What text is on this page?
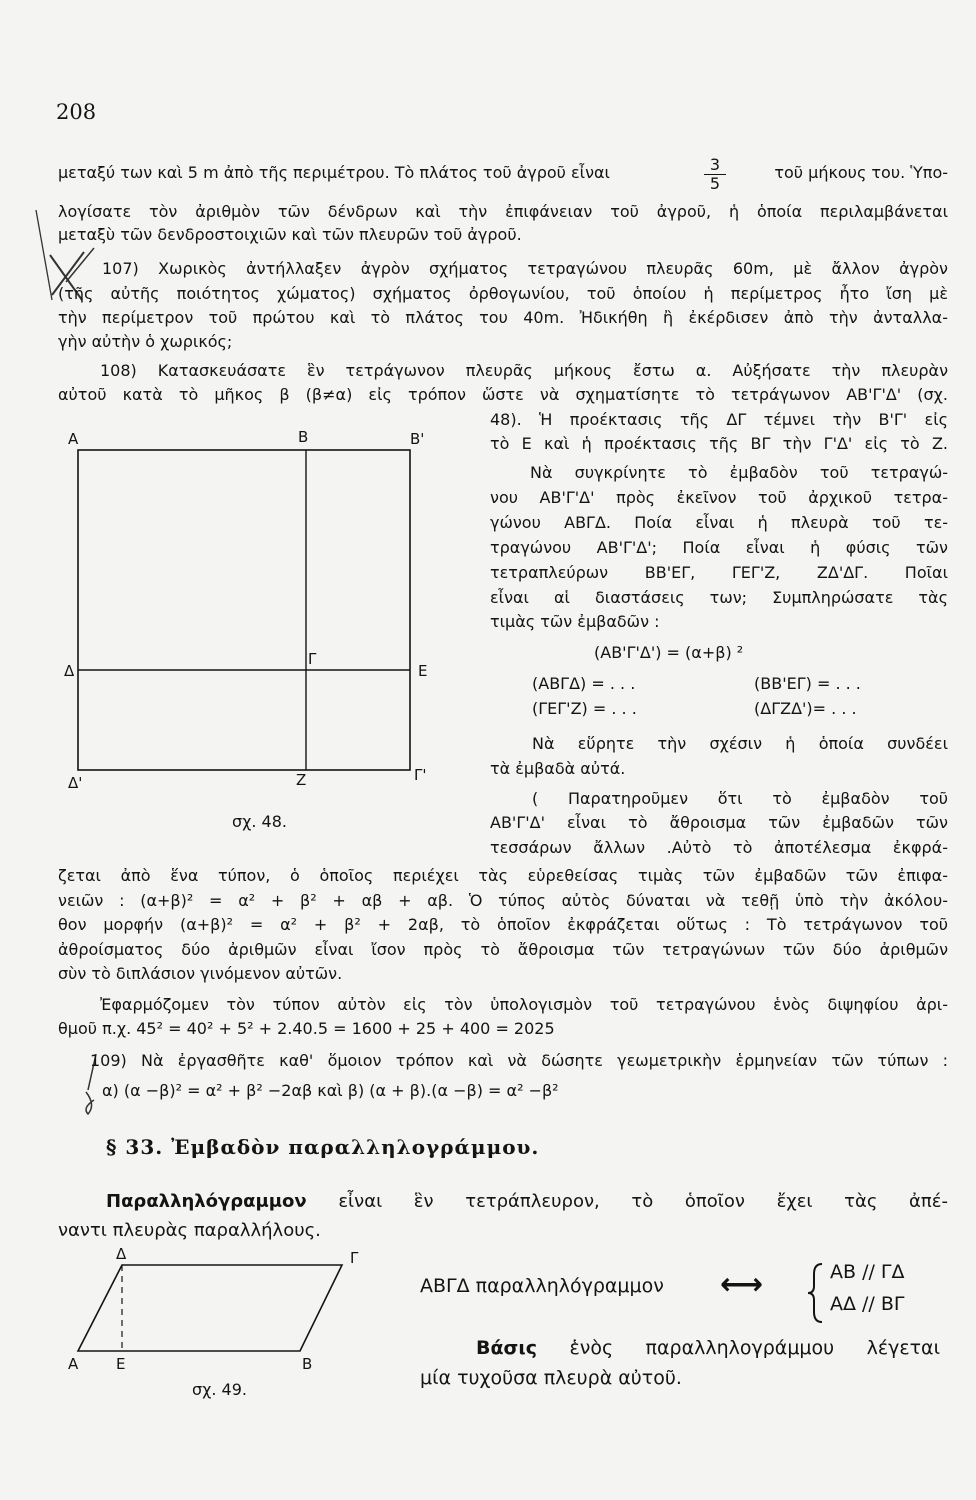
208
μεταξύ των καὶ 5 m ἀπὸ τῆς περιμέτρου. Τὸ πλάτος τοῦ ἀγροῦ εἶναι	3
5
τοῦ μήκους του. Ὑπο-
λογίσατε τὸν ἀριθμὸν τῶν δένδρων καὶ τὴν ἐπιφάνειαν τοῦ ἀγροῦ, ἡ ὁποία περιλαμβάνεται
μεταξὺ τῶν δενδροστοιχιῶν καὶ τῶν πλευρῶν τοῦ ἀγροῦ.
107) Χωρικὸς ἀντήλλαξεν ἀγρὸν σχήματος τετραγώνου πλευρᾶς 60m, μὲ ἄλλον ἀγρὸν
(τῆς αὐτῆς ποιότητος χώματος) σχήματος ὀρθογωνίου, τοῦ ὁποίου ἡ περίμετρος ἦτο ἴση μὲ
τὴν περίμετρον τοῦ πρώτου καὶ τὸ πλάτος του 40m. Ἠδικήθη ἢ ἐκέρδισεν ἀπὸ τὴν ἀνταλλα-
γὴν αὐτὴν ὁ χωρικός;
108) Κατασκευάσατε ἓν τετράγωνον πλευρᾶς μήκους ἔστω α. Αὐξήσατε τὴν πλευρὰν
αὐτοῦ κατὰ τὸ μῆκος β (β≠α) εἰς τρόπον ὥστε νὰ σχηματίσητε τὸ τετράγωνον ΑΒ'Γ'Δ' (σχ.
48). Ἡ προέκτασις τῆς ΔΓ τέμνει τὴν Β'Γ' εἰς
τὸ Ε καὶ ἡ προέκτασις τῆς ΒΓ τὴν Γ'Δ' εἰς τὸ Ζ.
Νὰ συγκρίνητε τὸ ἐμβαδὸν τοῦ τετραγώ-
νου ΑΒ'Γ'Δ' πρὸς ἐκεῖνον τοῦ ἀρχικοῦ τετρα-
γώνου ΑΒΓΔ. Ποία εἶναι ἡ πλευρὰ τοῦ τε-
τραγώνου ΑΒ'Γ'Δ'; Ποία εἶναι ἡ φύσις τῶν
τετραπλεύρων ΒΒ'ΕΓ, ΓΕΓ'Ζ, ΖΔ'ΔΓ. Ποῖαι
εἶναι αἱ διαστάσεις των; Συμπληρώσατε τὰς
τιμὰς τῶν ἐμβαδῶν :
(ΑΒ'Γ'Δ') = (α+β) ²
(ΑΒΓΔ) = . . .	(ΒΒ'ΕΓ) = . . .
(ΓΕΓ'Ζ) = . . .	(ΔΓΖΔ')= . . .
Νὰ εὕρητε τὴν σχέσιν ἡ ὁποία συνδέει
τὰ ἐμβαδὰ αὐτά.
( Παρατηροῦμεν ὅτι τὸ ἐμβαδὸν τοῦ
ΑΒ'Γ'Δ' εἶναι τὸ ἄθροισμα τῶν ἐμβαδῶν τῶν
τεσσάρων ἄλλων .Αὐτὸ τὸ ἀποτέλεσμα ἐκφρά-
ζεται ἀπὸ ἕνα τύπον, ὁ ὁποῖος περιέχει τὰς εὑρεθείσας τιμὰς τῶν ἐμβαδῶν τῶν ἐπιφα-
νειῶν : (α+β)² = α² + β² + αβ + αβ. Ὁ τύπος αὐτὸς δύναται νὰ τεθῇ ὑπὸ τὴν ἀκόλου-
θον μορφήν (α+β)² = α² + β² + 2αβ, τὸ ὁποῖον ἐκφράζεται οὕτως : Τὸ τετράγωνον τοῦ
ἀθροίσματος δύο ἀριθμῶν εἶναι ἴσον πρὸς τὸ ἄθροισμα τῶν τετραγώνων τῶν δύο ἀριθμῶν
σὺν τὸ διπλάσιον γινόμενον αὐτῶν.
Ἐφαρμόζομεν τὸν τύπον αὐτὸν εἰς τὸν ὑπολογισμὸν τοῦ τετραγώνου ἑνὸς διψηφίου ἀρι-
θμοῦ π.χ. 45² = 40² + 5² + 2.40.5 = 1600 + 25 + 400 = 2025
109) Νὰ ἐργασθῆτε καθ' ὅμοιον τρόπον καὶ νὰ δώσητε γεωμετρικὴν ἑρμηνείαν τῶν τύπων :
α) (α −β)² = α² + β² −2αβ καὶ β) (α + β).(α −β) = α² −β²
§ 33. Ἐμβαδὸν παραλληλογράμμου.
Παραλληλόγραμμον εἶναι ἓν τετράπλευρον, τὸ ὁποῖον ἔχει τὰς ἀπέ-
ναντι πλευρὰς παραλλήλους.
ΑΒΓΔ παραλληλόγραμμον	⟷	ΑΒ // ΓΔ
ΑΔ // ΒΓ
Βάσις ἑνὸς παραλληλογράμμου λέγεται
μία τυχοῦσα πλευρὰ αὐτοῦ.
Α	Β	Β'
Δ
Γ
Ε
Δ'	Ζ	Γ'
σχ. 48.
Δ	Γ
Α	Ε	Β
σχ. 49.
